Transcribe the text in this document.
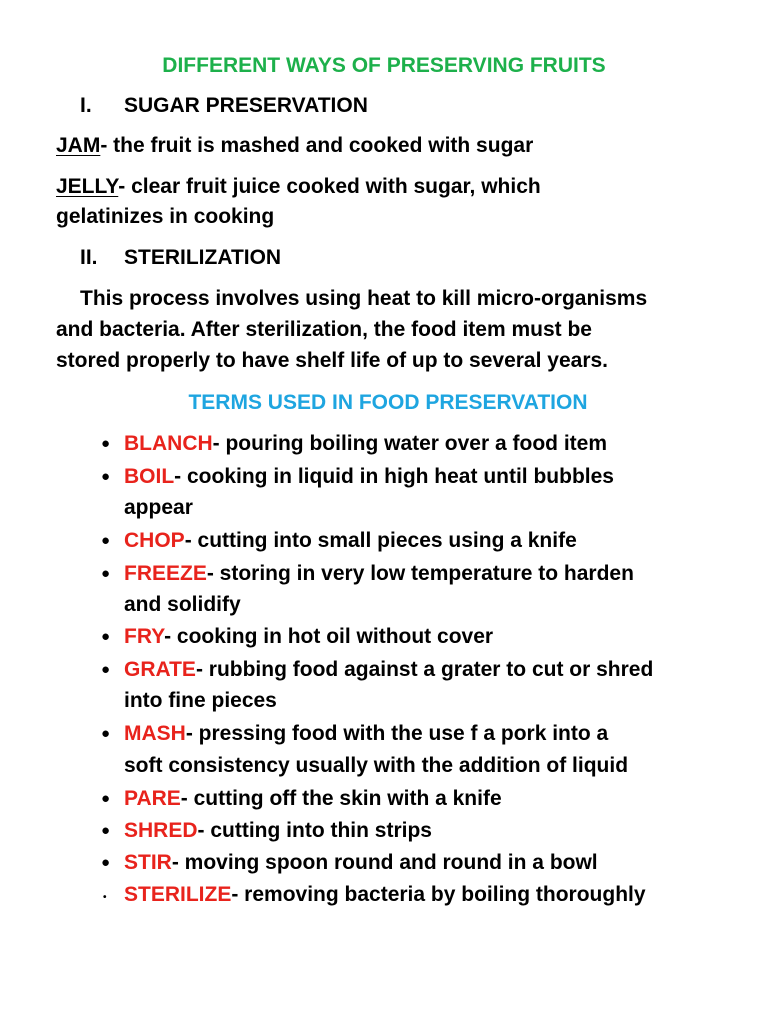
DIFFERENT WAYS OF PRESERVING FRUITS
I. SUGAR PRESERVATION
JAM- the fruit is mashed and cooked with sugar
JELLY- clear fruit juice cooked with sugar, which
gelatinizes in cooking
II. STERILIZATION
This process involves using heat to kill micro-organisms
and bacteria. After sterilization, the food item must be
stored properly to have shelf life of up to several years.
TERMS USED IN FOOD PRESERVATION
● BLANCH- pouring boiling water over a food item
● BOIL- cooking in liquid in high heat until bubbles
appear
● CHOP- cutting into small pieces using a knife
● FREEZE- storing in very low temperature to harden
and solidify
● FRY- cooking in hot oil without cover
● GRATE- rubbing food against a grater to cut or shred
into fine pieces
● MASH- pressing food with the use f a pork into a
soft consistency usually with the addition of liquid
● PARE- cutting off the skin with a knife
● SHRED- cutting into thin strips
● STIR- moving spoon round and round in a bowl
• STERILIZE- removing bacteria by boiling thoroughly
